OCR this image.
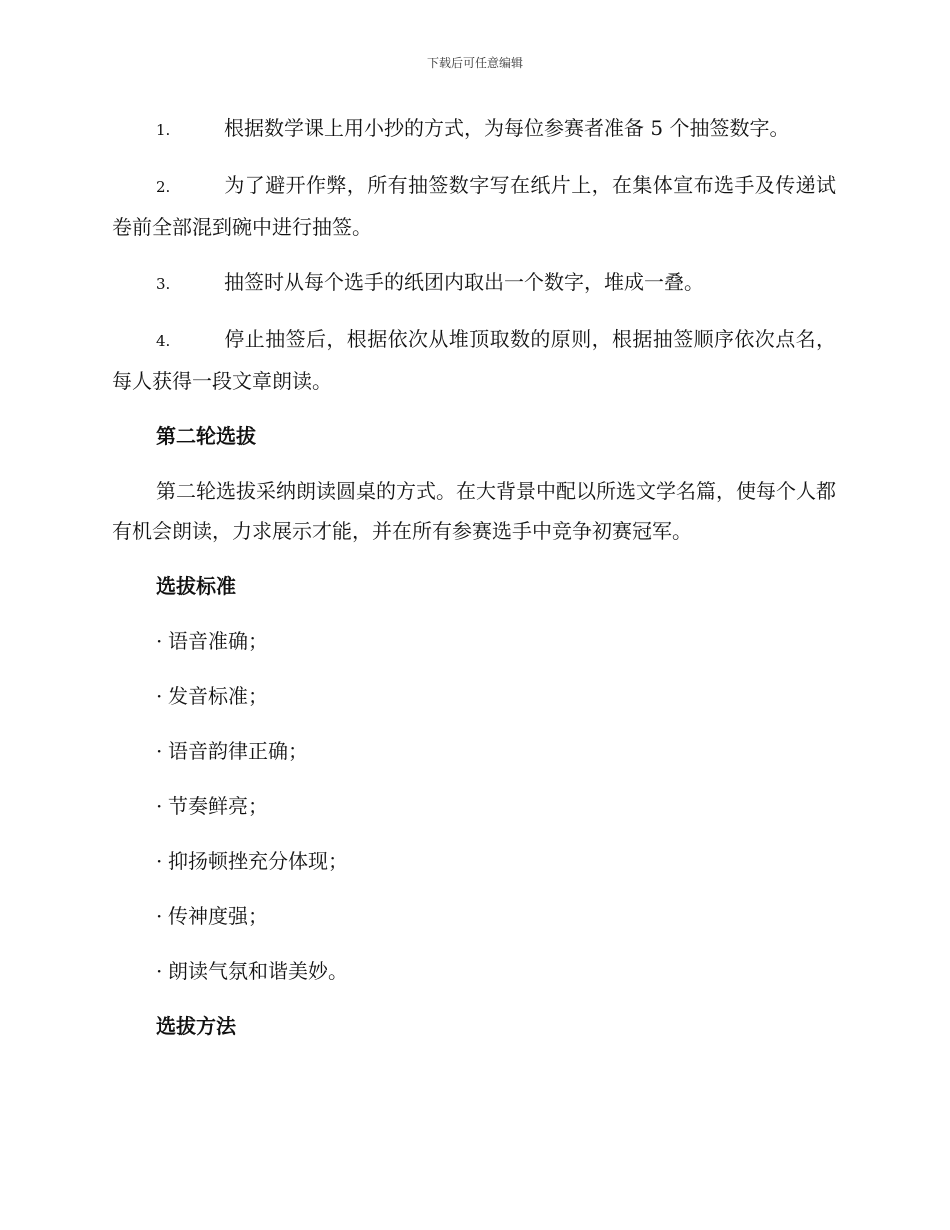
下载后可任意编辑

1.	根据数学课上用小抄的方式，为每位参赛者准备 5 个抽签数字。

2.	为了避开作弊，所有抽签数字写在纸片上，在集体宣布选手及传递试卷前全部混到碗中进行抽签。

3.	抽签时从每个选手的纸团内取出一个数字，堆成一叠。

4.	停止抽签后，根据依次从堆顶取数的原则，根据抽签顺序依次点名，每人获得一段文章朗读。

第二轮选拔

第二轮选拔采纳朗读圆桌的方式。在大背景中配以所选文学名篇，使每个人都有机会朗读，力求展示才能，并在所有参赛选手中竞争初赛冠军。

选拔标准

· 语音准确；

· 发音标准；

· 语音韵律正确；

· 节奏鲜亮；

· 抑扬顿挫充分体现；

· 传神度强；

· 朗读气氛和谐美妙。

选拔方法
